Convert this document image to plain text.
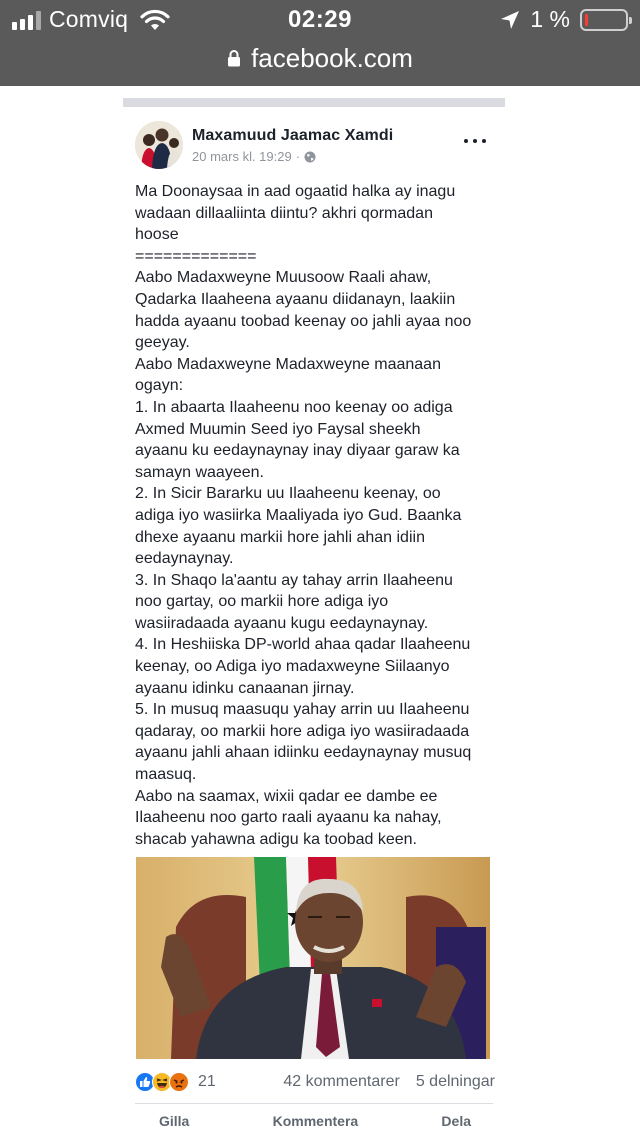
Comviq	02:29	1 %
facebook.com
Maxamuud Jaamac Xamdi
20 mars kl. 19:29 ·

Ma Doonaysaa in aad ogaatid halka ay inagu

wadaan dillaaliinta diintu? akhri qormadan

hoose

=============

Aabo Madaxweyne Muusoow Raali ahaw,

Qadarka Ilaaheena ayaanu diidanayn, laakiin

hadda ayaanu toobad keenay oo jahli ayaa noo

geeyay.

Aabo Madaxweyne Madaxweyne maanaan

ogayn:

1. In abaarta Ilaaheenu noo keenay oo adiga

Axmed Muumin Seed iyo Faysal sheekh

ayaanu ku eedaynaynay inay diyaar garaw ka

samayn waayeen.

2. In Sicir Bararku uu Ilaaheenu keenay, oo

adiga iyo wasiirka Maaliyada iyo Gud. Baanka

dhexe ayaanu markii hore jahli ahan idiin

eedaynaynay.

3. In Shaqo la'aantu ay tahay arrin Ilaaheenu

noo gartay, oo markii hore adiga iyo

wasiiradaada ayaanu kugu eedaynaynay.

4. In Heshiiska DP-world ahaa qadar Ilaaheenu

keenay, oo Adiga iyo madaxweyne Siilaanyo

ayaanu idinku canaanan jirnay.

5. In musuq maasuqu yahay arrin uu Ilaaheenu

qadaray, oo markii hore adiga iyo wasiiradaada

ayaanu jahli ahaan idiinku eedaynaynay musuq

maasuq.

Aabo na saamax, wixii qadar ee dambe ee

Ilaaheenu noo garto raali ayaanu ka nahay,

shacab yahawna adigu ka toobad keen.

21	42 kommentarer 5 delningar
Gilla	Kommentera	Dela
